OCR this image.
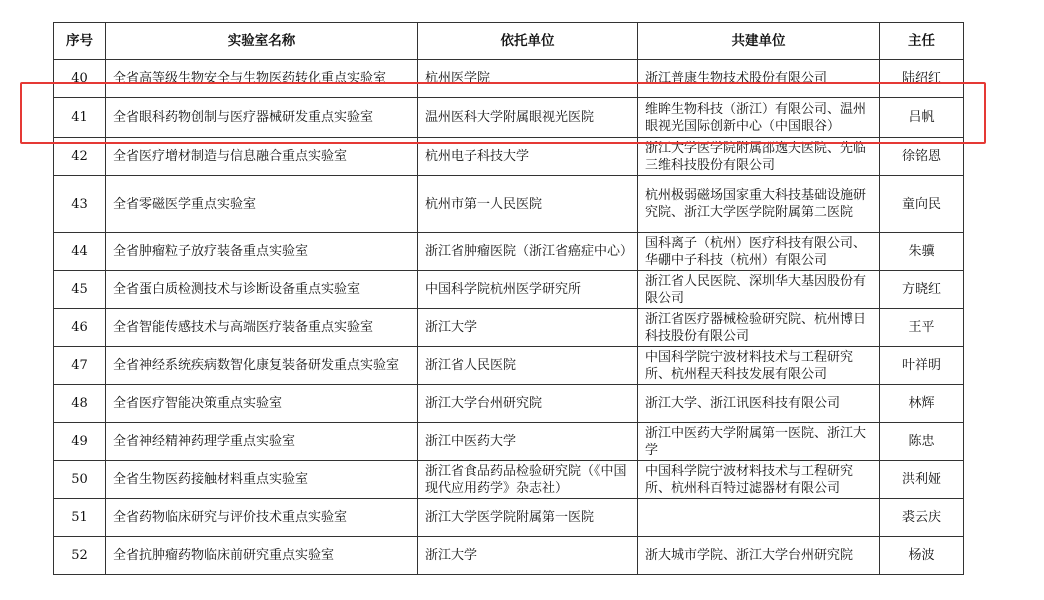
序号	实验室名称	依托单位	共建单位	主任
40	全省高等级生物安全与生物医药转化重点实验室	杭州医学院	浙江普康生物技术股份有限公司	陆绍红
41	全省眼科药物创制与医疗器械研发重点实验室	温州医科大学附属眼视光医院	维眸生物科技（浙江）有限公司、温州眼视光国际创新中心（中国眼谷）	吕帆
42	全省医疗增材制造与信息融合重点实验室	杭州电子科技大学	浙江大学医学院附属邵逸夫医院、先临三维科技股份有限公司	徐铭恩
43	全省零磁医学重点实验室	杭州市第一人民医院	杭州极弱磁场国家重大科技基础设施研究院、浙江大学医学院附属第二医院	童向民
44	全省肿瘤粒子放疗装备重点实验室	浙江省肿瘤医院（浙江省癌症中心）	国科离子（杭州）医疗科技有限公司、华硼中子科技（杭州）有限公司	朱骥
45	全省蛋白质检测技术与诊断设备重点实验室	中国科学院杭州医学研究所	浙江省人民医院、深圳华大基因股份有限公司	方晓红
46	全省智能传感技术与高端医疗装备重点实验室	浙江大学	浙江省医疗器械检验研究院、杭州博日科技股份有限公司	王平
47	全省神经系统疾病数智化康复装备研发重点实验室	浙江省人民医院	中国科学院宁波材料技术与工程研究所、杭州程天科技发展有限公司	叶祥明
48	全省医疗智能决策重点实验室	浙江大学台州研究院	浙江大学、浙江讯医科技有限公司	林辉
49	全省神经精神药理学重点实验室	浙江中医药大学	浙江中医药大学附属第一医院、浙江大学	陈忠
50	全省生物医药接触材料重点实验室	浙江省食品药品检验研究院（《中国现代应用药学》杂志社）	中国科学院宁波材料技术与工程研究所、杭州科百特过滤器材有限公司	洪利娅
51	全省药物临床研究与评价技术重点实验室	浙江大学医学院附属第一医院		裘云庆
52	全省抗肿瘤药物临床前研究重点实验室	浙江大学	浙大城市学院、浙江大学台州研究院	杨波
